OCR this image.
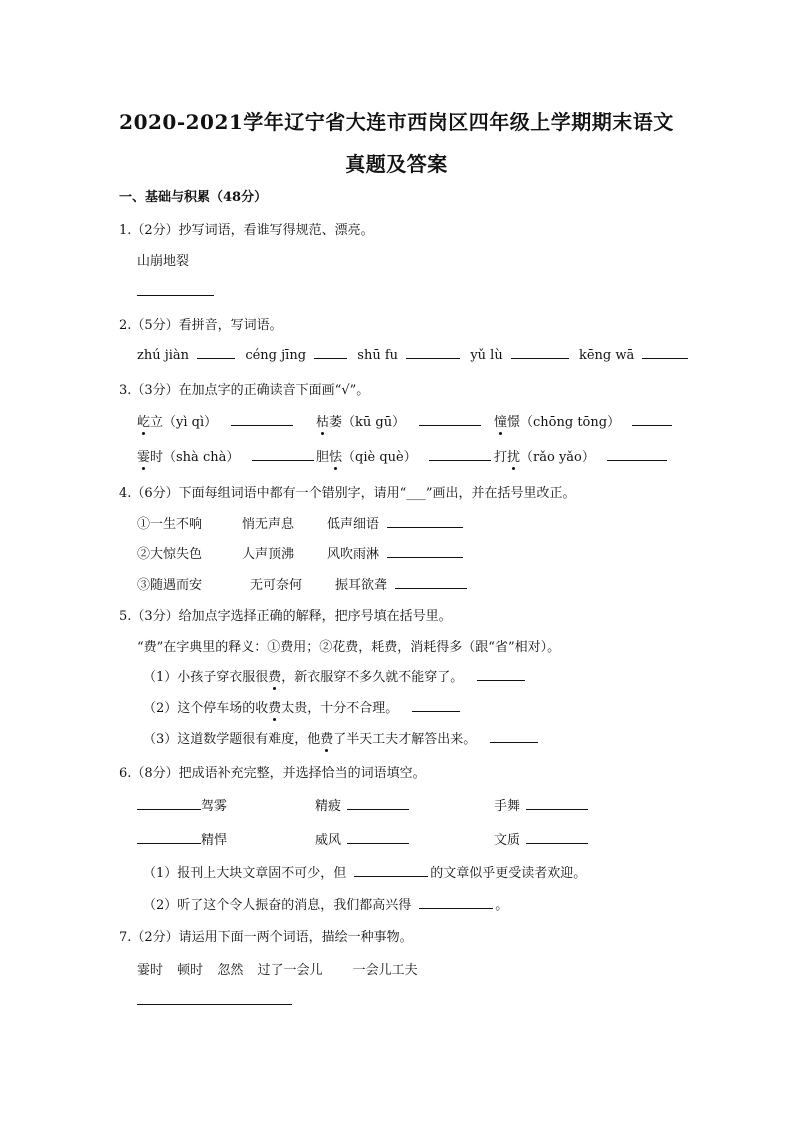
2020-2021学年辽宁省大连市西岗区四年级上学期期末语文
真题及答案
一、基础与积累（48分）
1.（2分）抄写词语，看谁写得规范、漂亮。
山崩地裂
2.（5分）看拼音，写词语。
zhú jiàn	céng jīng	shū fu	yǔ lù	kēng wā
3.（3分）在加点字的正确读音下面画“√”。
屹立（yì qì）	枯萎（kū gū）	憧憬（chōng tōng）
霎时（shà chà）	胆怯（qiè què）	打扰（rǎo yǎo）
4.（6分）下面每组词语中都有一个错别字，请用“___”画出，并在括号里改正。
①一生不响	悄无声息	低声细语
②大惊失色	人声顶沸	风吹雨淋
③随遇而安	无可奈何	振耳欲聋
5.（3分）给加点字选择正确的解释，把序号填在括号里。
“费”在字典里的释义：①费用；②花费，耗费，消耗得多（跟“省”相对）。
（1）小孩子穿衣服很费，新衣服穿不多久就不能穿了。
（2）这个停车场的收费太贵，十分不合理。
（3）这道数学题很有难度，他费了半天工夫才解答出来。
6.（8分）把成语补充完整，并选择恰当的词语填空。
驾雾	精疲	手舞
精悍	威风	文质
（1）报刊上大块文章固不可少，但	的文章似乎更受读者欢迎。
（2）听了这个令人振奋的消息，我们都高兴得	。
7.（2分）请运用下面一两个词语，描绘一种事物。
霎时 顿时 忽然 过了一会儿 一会儿工夫
